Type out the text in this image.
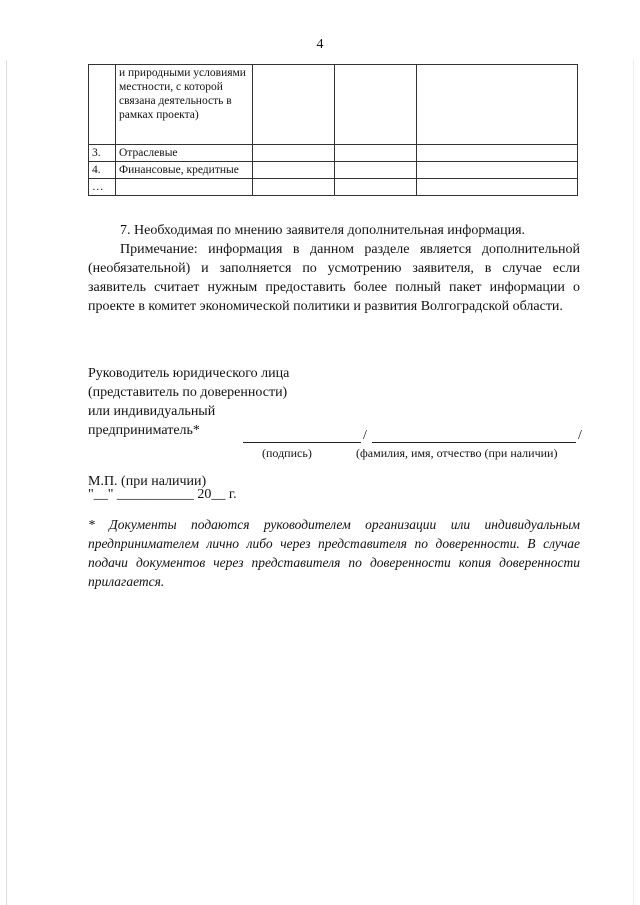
4
	и природными условиями местности, с которой связана деятельность в рамках проекта)			
3.	Отраслевые			
4.	Финансовые, кредитные			
…				
7. Необходимая по мнению заявителя дополнительная информация.
Примечание: информация в данном разделе является дополнительной (необязательной) и заполняется по усмотрению заявителя, в случае если заявитель считает нужным предоставить более полный пакет информации о проекте в комитет экономической политики и развития Волгоградской области.
Руководитель юридического лица
(представитель по доверенности)
или индивидуальный
предприниматель*	/	/
(подпись)	(фамилия, имя, отчество (при наличии)
М.П. (при наличии)
"__" ___________ 20__ г.
* Документы подаются руководителем организации или индивидуальным предпринимателем лично либо через представителя по доверенности. В случае подачи документов через представителя по доверенности копия доверенности прилагается.
